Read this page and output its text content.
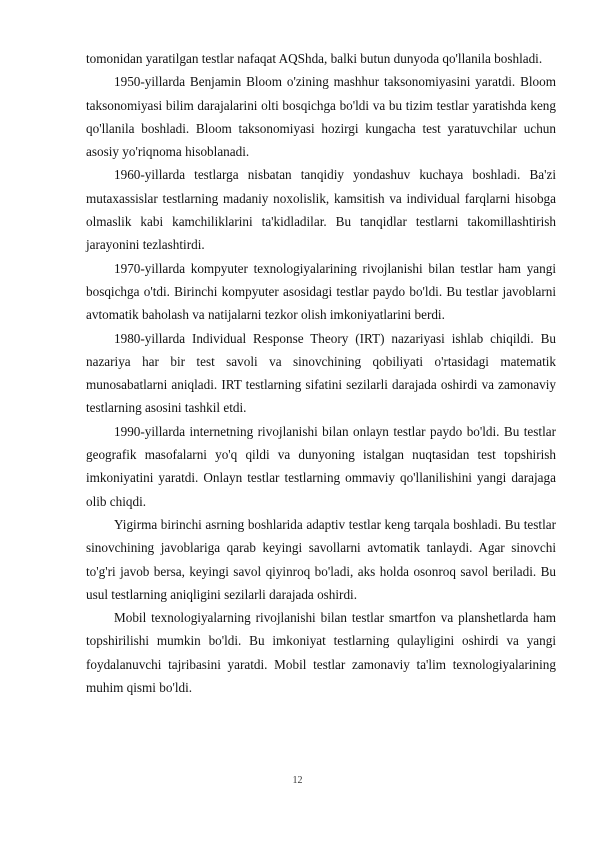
tomonidan yaratilgan testlar nafaqat AQShda, balki butun dunyoda qo'llanila boshladi.

1950-yillarda Benjamin Bloom o'zining mashhur taksonomiyasini yaratdi. Bloom taksonomiyasi bilim darajalarini olti bosqichga bo'ldi va bu tizim testlar yaratishda keng qo'llanila boshladi. Bloom taksonomiyasi hozirgi kungacha test yaratuvchilar uchun asosiy yo'riqnoma hisoblanadi.

1960-yillarda testlarga nisbatan tanqidiy yondashuv kuchaya boshladi. Ba'zi mutaxassislar testlarning madaniy noxolislik, kamsitish va individual farqlarni hisobga olmaslik kabi kamchiliklarini ta'kidladilar. Bu tanqidlar testlarni takomillashtirish jarayonini tezlashtirdi.

1970-yillarda kompyuter texnologiyalarining rivojlanishi bilan testlar ham yangi bosqichga o'tdi. Birinchi kompyuter asosidagi testlar paydo bo'ldi. Bu testlar javoblarni avtomatik baholash va natijalarni tezkor olish imkoniyatlarini berdi.

1980-yillarda Individual Response Theory (IRT) nazariyasi ishlab chiqildi. Bu nazariya har bir test savoli va sinovchining qobiliyati o'rtasidagi matematik munosabatlarni aniqladi. IRT testlarning sifatini sezilarli darajada oshirdi va zamonaviy testlarning asosini tashkil etdi.

1990-yillarda internetning rivojlanishi bilan onlayn testlar paydo bo'ldi. Bu testlar geografik masofalarni yo'q qildi va dunyoning istalgan nuqtasidan test topshirish imkoniyatini yaratdi. Onlayn testlar testlarning ommaviy qo'llanilishini yangi darajaga olib chiqdi.

Yigirma birinchi asrning boshlarida adaptiv testlar keng tarqala boshladi. Bu testlar sinovchining javoblariga qarab keyingi savollarni avtomatik tanlaydi. Agar sinovchi to'g'ri javob bersa, keyingi savol qiyinroq bo'ladi, aks holda osonroq savol beriladi. Bu usul testlarning aniqligini sezilarli darajada oshirdi.

Mobil texnologiyalarning rivojlanishi bilan testlar smartfon va planshetlarda ham topshirilishi mumkin bo'ldi. Bu imkoniyat testlarning qulayligini oshirdi va yangi foydalanuvchi tajribasini yaratdi. Mobil testlar zamonaviy ta'lim texnologiyalarining muhim qismi bo'ldi.

12
